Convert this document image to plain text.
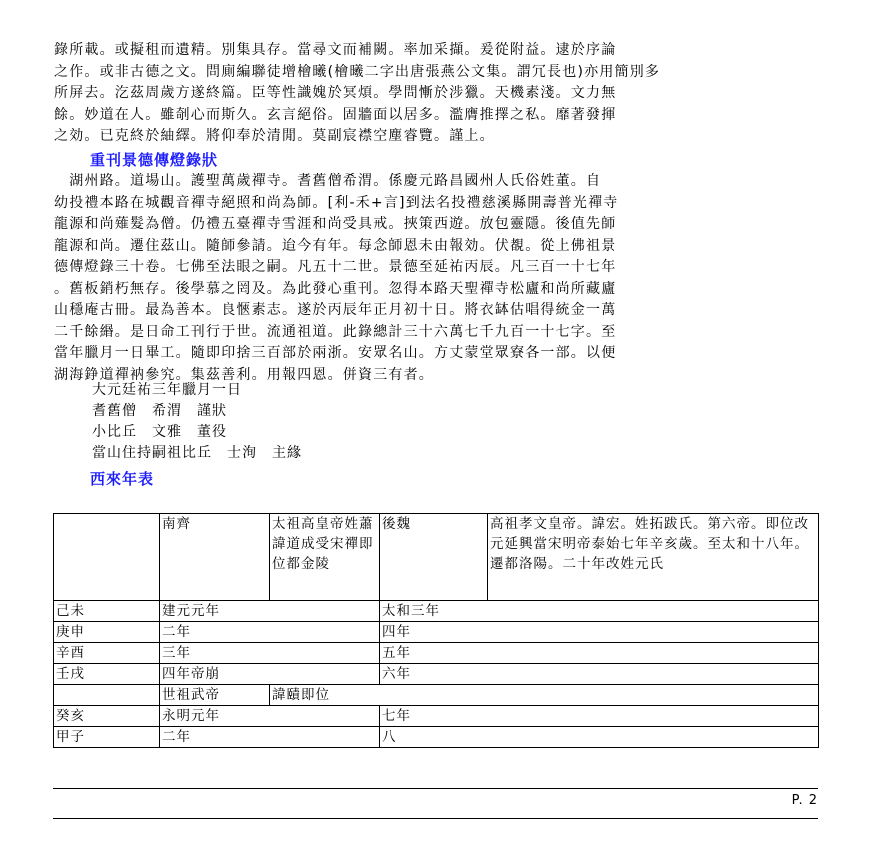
錄所載。或擬租而遺精。別集具存。當尋文而補闕。率加采擷。爰從附益。逮於序論

之作。或非古德之文。問廁編聯徒增檜曦(檜曦二字出唐張燕公文集。謂冗長也)亦用簡別多

所屏去。汔茲周歲方遂終篇。臣等性識媿於冥煩。學問慚於涉獵。天機素淺。文力無

餘。妙道在人。雖剞心而斯久。玄言絕俗。固牆面以居多。濫膺推擇之私。靡著發揮

之効。已克終於紬繹。將仰奉於清閒。莫副宸襟空塵睿覽。謹上。

重刊景德傳燈錄狀

　湖州路。道場山。護聖萬歲禪寺。耆舊僧希渭。係慶元路昌國州人氏俗姓董。自

幼投禮本路在城觀音禪寺絕照和尚為師。[利-禾+言]到法名投禮慈溪縣開壽普光禪寺

龍源和尚薙髮為僧。仍禮五臺禪寺雪涯和尚受具戒。挾策西遊。放包靈隱。後值先師

龍源和尚。遷住茲山。隨師參請。迨今有年。每念師恩未由報効。伏覩。從上佛祖景

德傳燈錄三十卷。七佛至法眼之嗣。凡五十二世。景德至延祐丙辰。凡三百一十七年

。舊板銷朽無存。後學慕之罔及。為此發心重刊。忽得本路天聖禪寺松廬和尚所藏廬

山穩庵古冊。最為善本。良愜素志。遂於丙辰年正月初十日。將衣缽估唱得統金一萬

二千餘緡。是日命工刊行于世。流通祖道。此錄總計三十六萬七千九百一十七字。至

當年臘月一日畢工。隨即印捨三百部於兩浙。安眾名山。方丈蒙堂眾寮各一部。以便

湖海錚道禪衲參究。集茲善利。用報四恩。併資三有者。

大元廷祐三年臘月一日

耆舊僧　希渭　謹狀

小比丘　文雅　董役

當山住持嗣祖比丘　士洵　主緣

西來年表
	南齊	太祖高皇帝姓蕭諱道成受宋禪即位都金陵	後魏	高祖孝文皇帝。諱宏。姓拓跋氏。第六帝。即位改元延興當宋明帝泰始七年辛亥歲。至太和十八年。遷都洛陽。二十年改姓元氏
己未	建元元年		太和三年	
庚申	二年		四年	
辛酉	三年		五年	
壬戌	四年帝崩		六年	
	世祖武帝	諱賾即位		
癸亥	永明元年		七年	
甲子	二年		八	
P. 2
